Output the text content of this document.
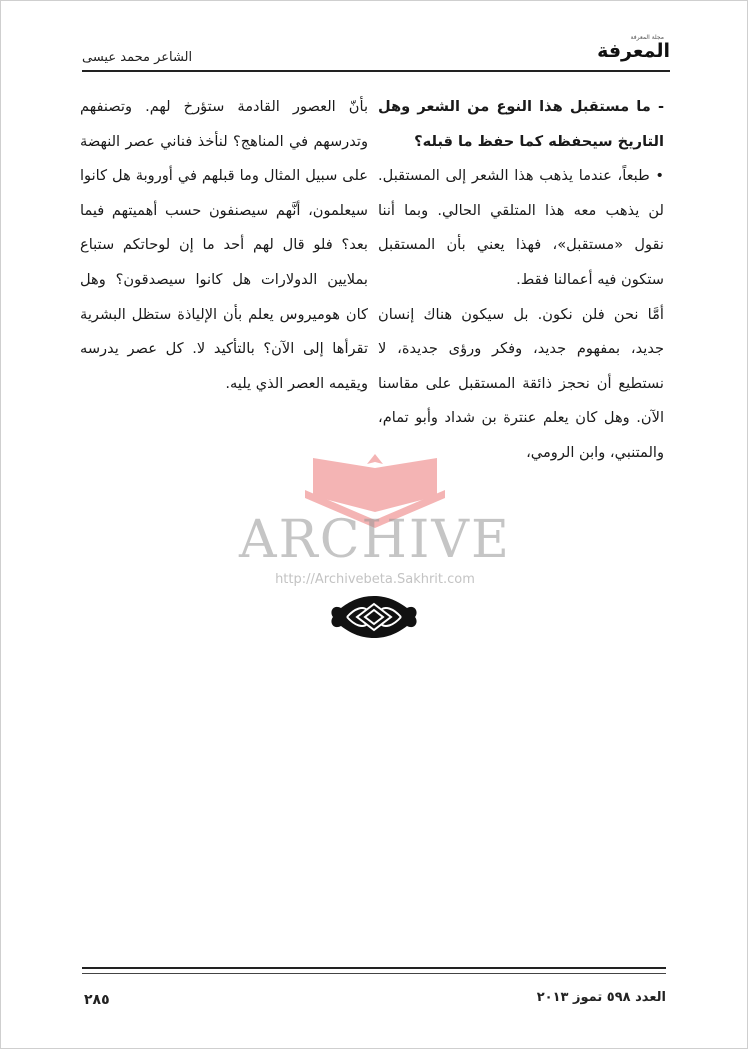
مجلة المعرفة
المعرفة
الشاعر محمد عيسى

- ما مستقبل هذا النوع من الشعر وهل التاريخ سيحفظه كما حفظ ما قبله؟

• طبعاً، عندما يذهب هذا الشعر إلى المستقبل. لن يذهب معه هذا المتلقي الحالي. وبما أننا نقول «مستقبل»، فهذا يعني بأن المستقبل ستكون فيه أعمالنا فقط.

أمَّا نحن فلن نكون. بل سيكون هناك إنسان جديد، بمفهوم جديد، وفكر ورؤى جديدة، لا نستطيع أن نحجز ذائقة المستقبل على مقاسنا الآن. وهل كان يعلم عنترة بن شداد وأبو تمام، والمتنبي، وابن الرومي،

بأنّ العصور القادمة ستؤرخ لهم. وتصنفهم وتدرسهم في المناهج؟ لنأخذ فناني عصر النهضة على سبيل المثال وما قبلهم في أوروبة هل كانوا سيعلمون، أنَّهم سيصنفون حسب أهميتهم فيما بعد؟ فلو قال لهم أحد ما إن لوحاتكم ستباع بملايين الدولارات هل كانوا سيصدقون؟ وهل كان هوميروس يعلم بأن الإلياذة ستظل البشرية تقرأها إلى الآن؟ بالتأكيد لا. كل عصر يدرسه ويقيمه العصر الذي يليه.

ARCHIVE
http://Archivebeta.Sakhrit.com
العدد ٥٩٨ تموز ٢٠١٣
٢٨٥
